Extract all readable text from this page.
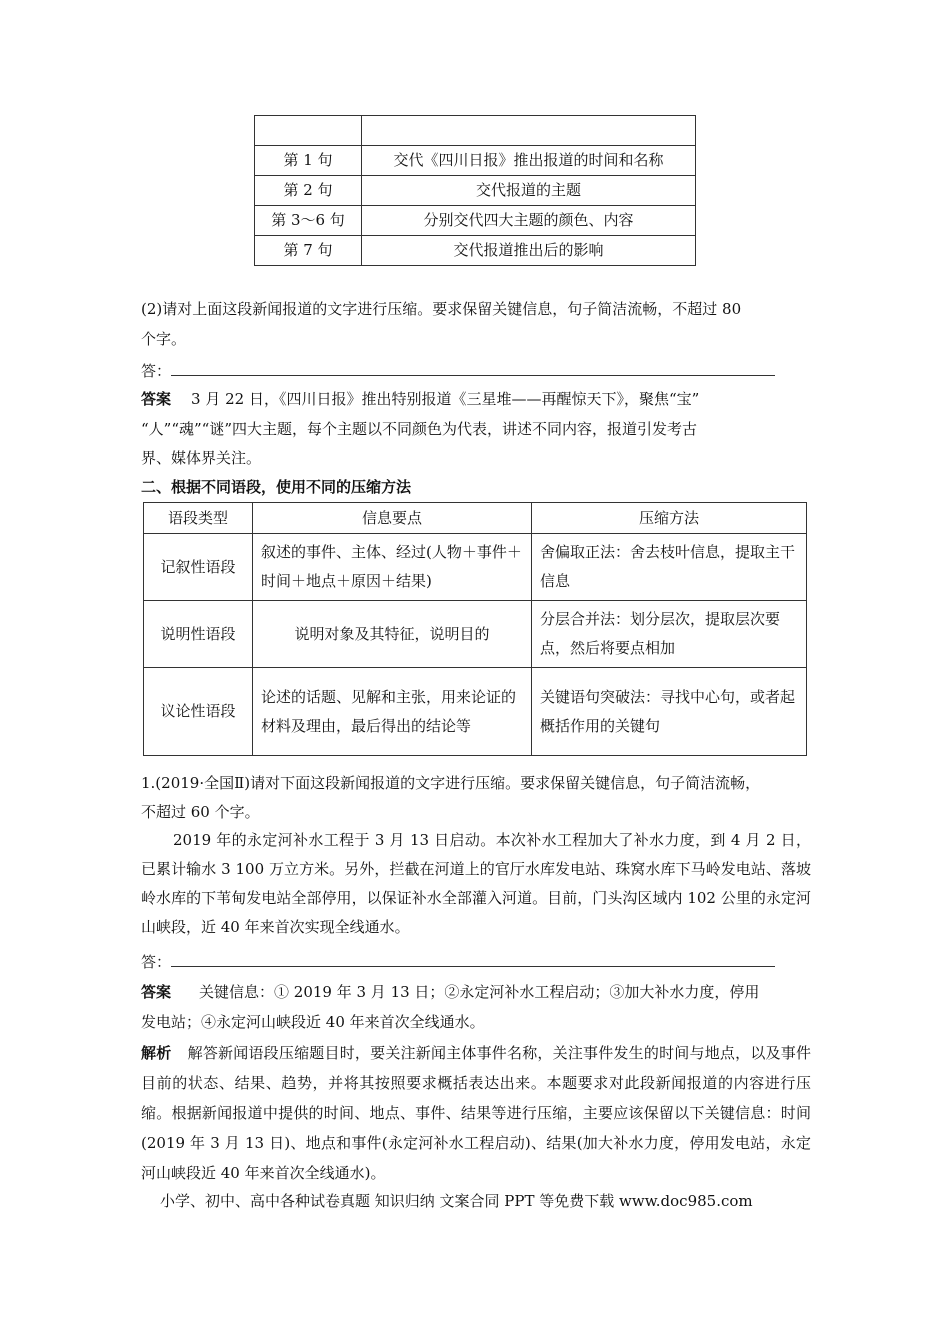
第 1 句	交代《四川日报》推出报道的时间和名称
第 2 句	交代报道的主题
第 3～6 句	分别交代四大主题的颜色、内容
第 7 句	交代报道推出后的影响
(2)请对上面这段新闻报道的文字进行压缩。要求保留关键信息，句子简洁流畅，不超过 80
个字。
答：
答案 3 月 22 日，《四川日报》推出特别报道《三星堆——再醒惊天下》，聚焦“宝”
“人”“魂”“谜”四大主题，每个主题以不同颜色为代表，讲述不同内容，报道引发考古
界、媒体界关注。
二、根据不同语段，使用不同的压缩方法
语段类型	信息要点	压缩方法
记叙性语段	叙述的事件、主体、经过(人物＋事件＋时间＋地点＋原因＋结果)	舍偏取正法：舍去枝叶信息，提取主干信息
说明性语段	说明对象及其特征，说明目的	分层合并法：划分层次，提取层次要点，然后将要点相加
议论性语段	论述的话题、见解和主张，用来论证的材料及理由，最后得出的结论等	关键语句突破法：寻找中心句，或者起概括作用的关键句
1.(2019·全国Ⅱ)请对下面这段新闻报道的文字进行压缩。要求保留关键信息，句子简洁流畅，
不超过 60 个字。
2019 年的永定河补水工程于 3 月 13 日启动。本次补水工程加大了补水力度，到 4 月 2 日，已累计输水 3 100 万立方米。另外，拦截在河道上的官厅水库发电站、珠窝水库下马岭发电站、落坡岭水库的下苇甸发电站全部停用，以保证补水全部灌入河道。目前，门头沟区域内 102 公里的永定河山峡段，近 40 年来首次实现全线通水。
答：
答案 关键信息：① 2019 年 3 月 13 日；②永定河补水工程启动；③加大补水力度，停用
发电站；④永定河山峡段近 40 年来首次全线通水。
解析 解答新闻语段压缩题目时，要关注新闻主体事件名称，关注事件发生的时间与地点，以及事件目前的状态、结果、趋势，并将其按照要求概括表达出来。本题要求对此段新闻报道的内容进行压缩。根据新闻报道中提供的时间、地点、事件、结果等进行压缩，主要应该保留以下关键信息：时间(2019 年 3 月 13 日)、地点和事件(永定河补水工程启动)、结果(加大补水力度，停用发电站，永定河山峡段近 40 年来首次全线通水)。
小学、初中、高中各种试卷真题 知识归纳 文案合同 PPT 等免费下载 www.doc985.com
